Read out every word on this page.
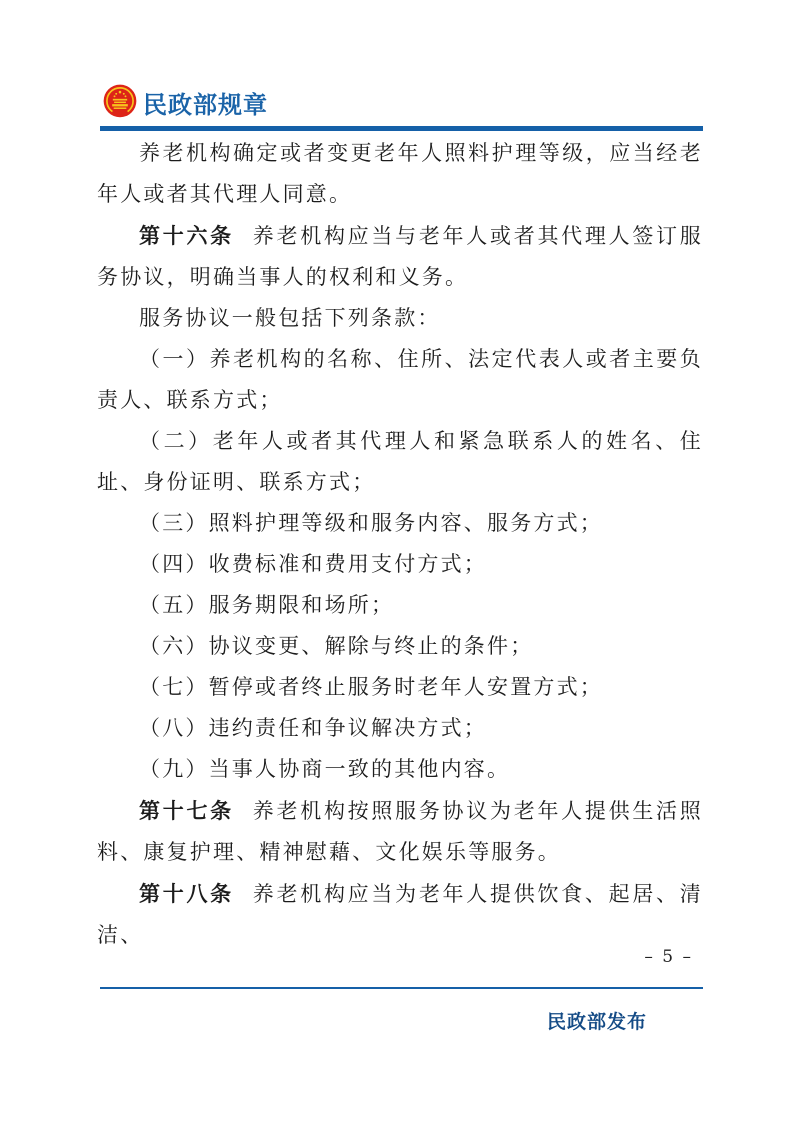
民政部规章

养老机构确定或者变更老年人照料护理等级，应当经老年人或者其代理人同意。

第十六条 养老机构应当与老年人或者其代理人签订服务协议，明确当事人的权利和义务。

服务协议一般包括下列条款：

（一）养老机构的名称、住所、法定代表人或者主要负责人、联系方式；

（二）老年人或者其代理人和紧急联系人的姓名、住址、身份证明、联系方式；

（三）照料护理等级和服务内容、服务方式；

（四）收费标准和费用支付方式；

（五）服务期限和场所；

（六）协议变更、解除与终止的条件；

（七）暂停或者终止服务时老年人安置方式；

（八）违约责任和争议解决方式；

（九）当事人协商一致的其他内容。

第十七条 养老机构按照服务协议为老年人提供生活照料、康复护理、精神慰藉、文化娱乐等服务。

第十八条 养老机构应当为老年人提供饮食、起居、清洁、

– 5 –
民政部发布
